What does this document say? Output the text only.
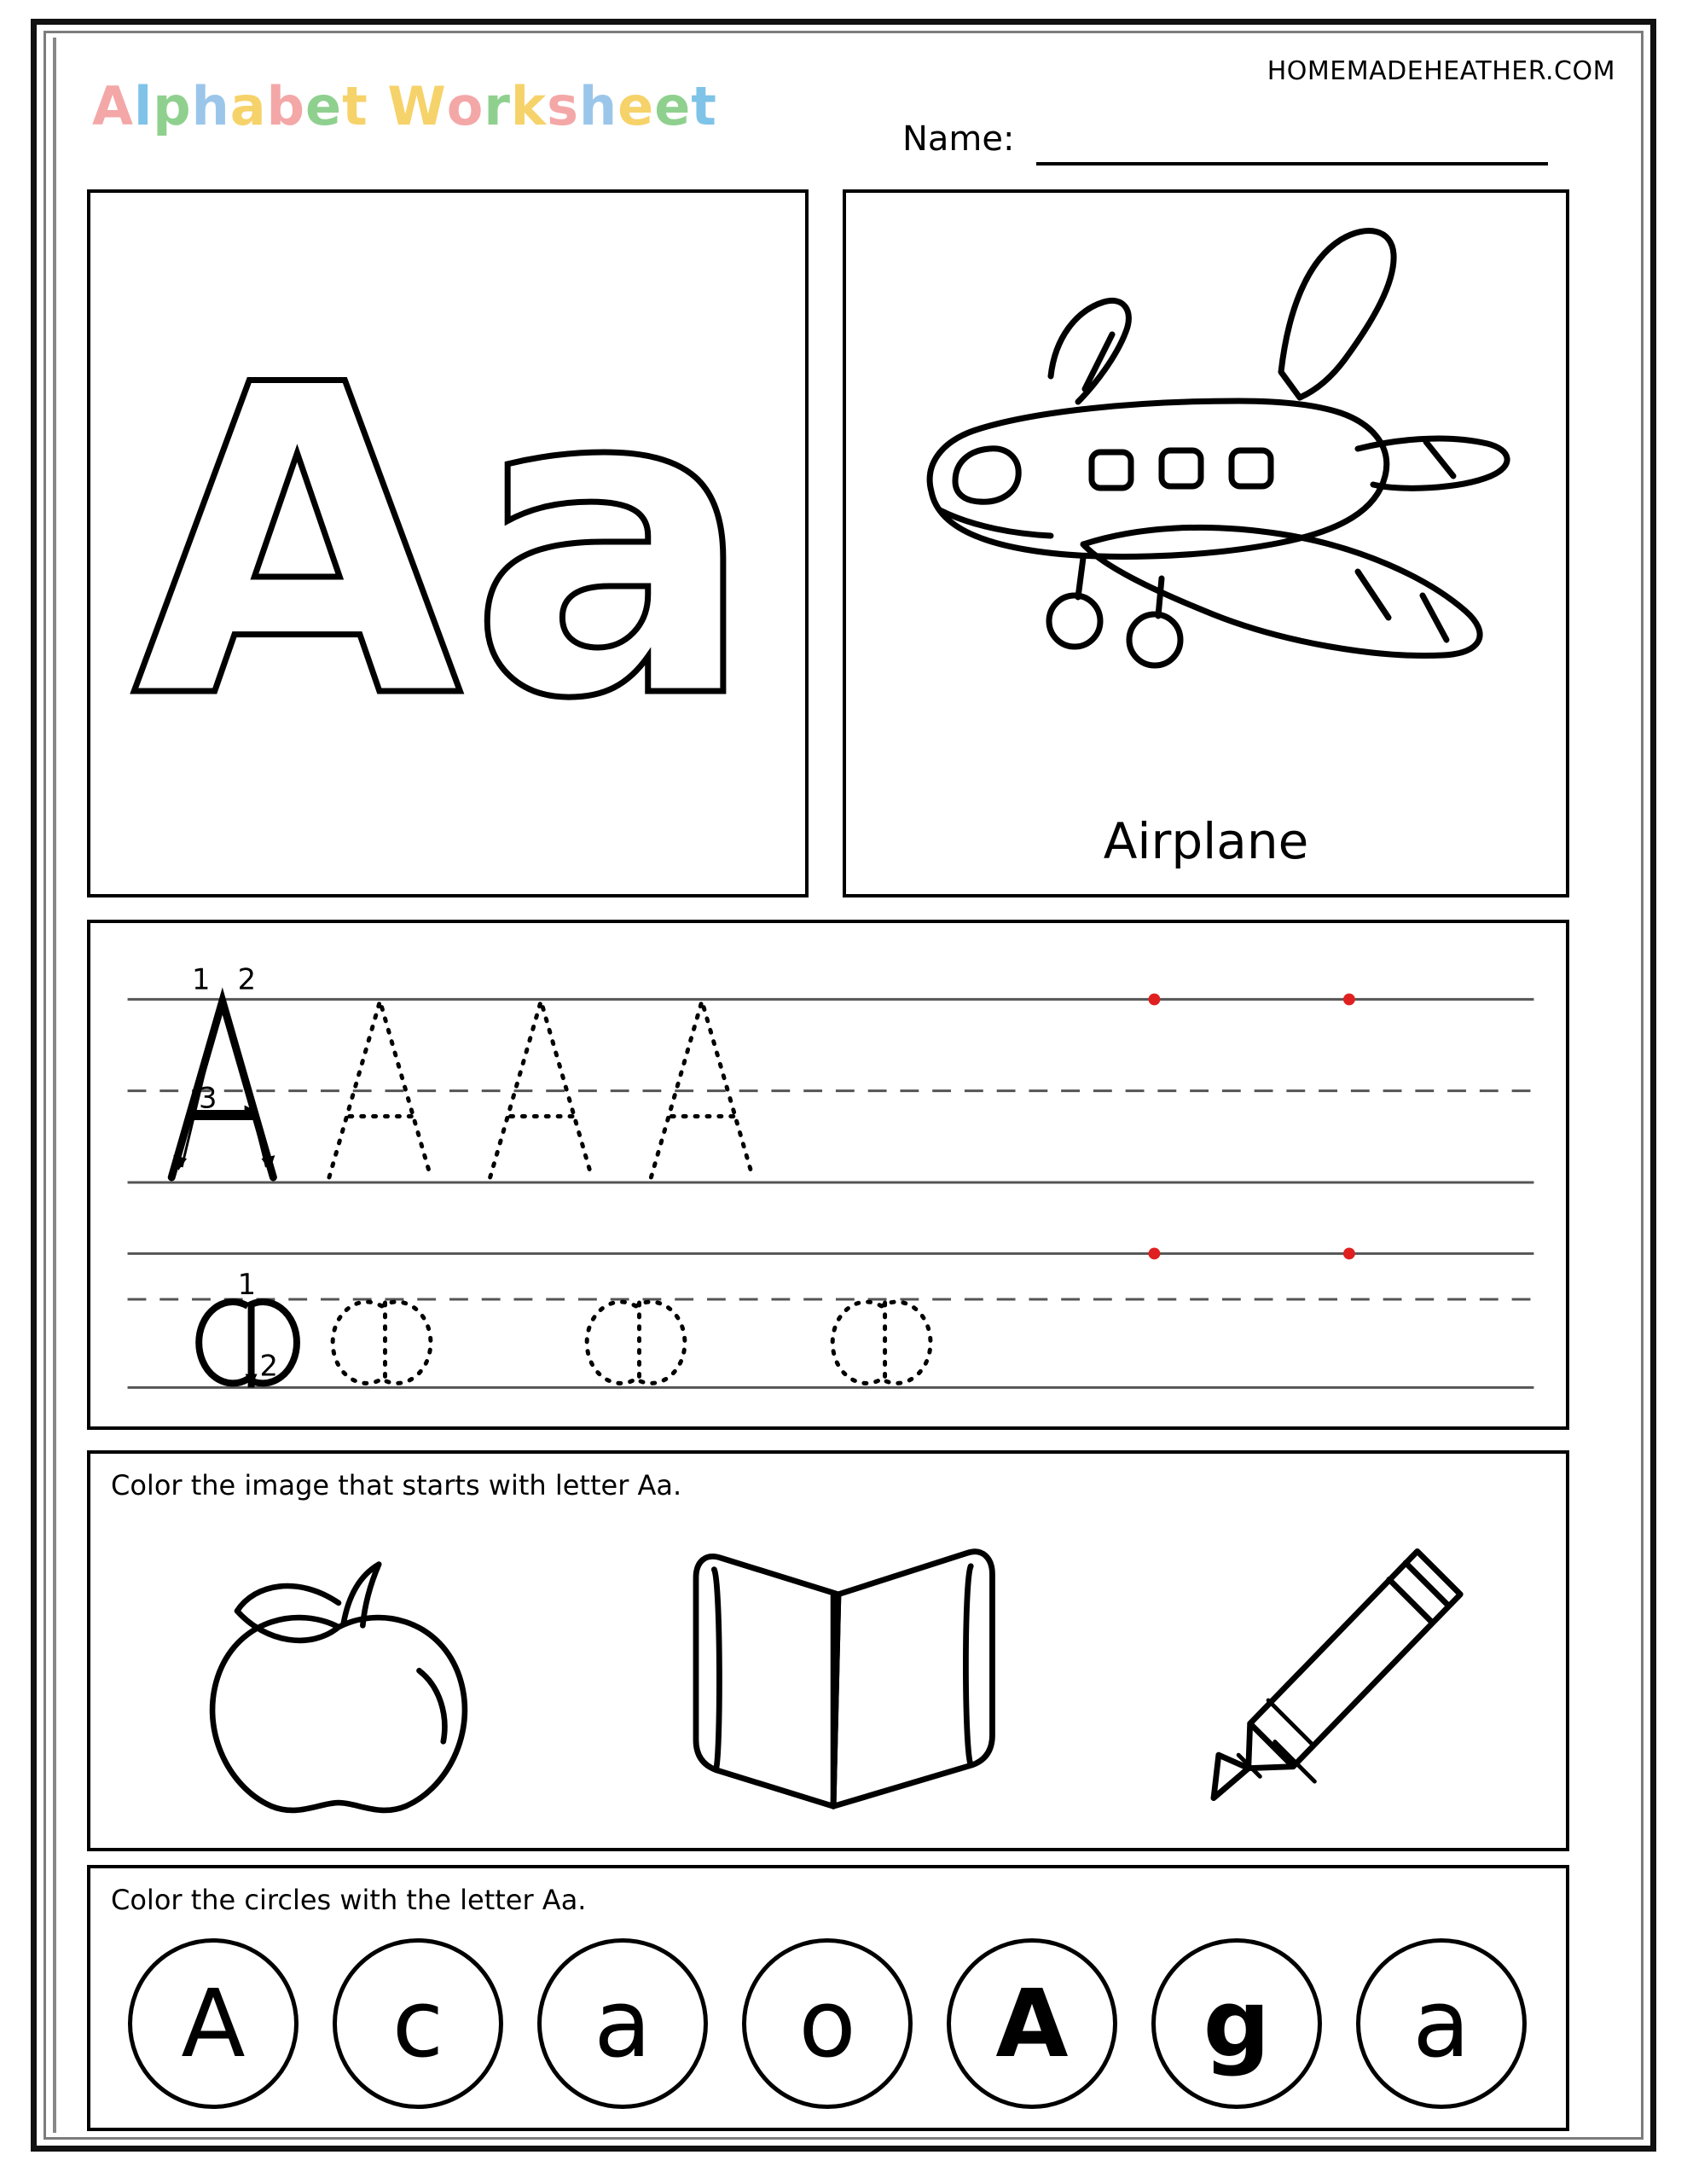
HOMEMADEHEATHER.COM
Alphabet Worksheet
Name:
Aa
Airplane
1 2
3
1
2
Color the image that starts with letter Aa.
Color the circles with the letter Aa.
A c a o A g a
